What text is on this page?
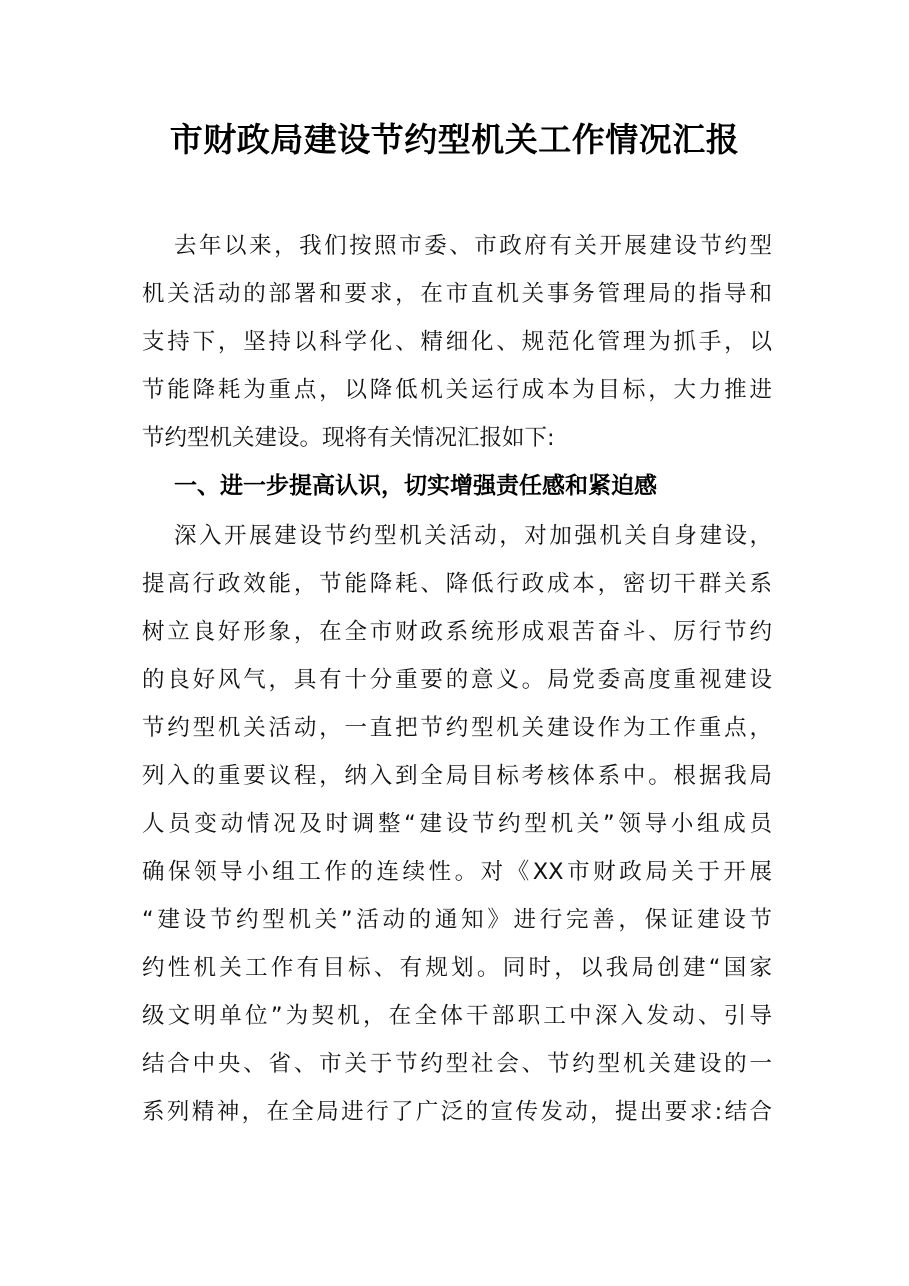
市财政局建设节约型机关工作情况汇报
去年以来，我们按照市委、市政府有关开展建设节约型
机关活动的部署和要求，在市直机关事务管理局的指导和
支持下，坚持以科学化、精细化、规范化管理为抓手，以
节能降耗为重点，以降低机关运行成本为目标，大力推进
节约型机关建设。现将有关情况汇报如下:
一、进一步提高认识，切实增强责任感和紧迫感
深入开展建设节约型机关活动，对加强机关自身建设，
提高行政效能，节能降耗、降低行政成本，密切干群关系
树立良好形象，在全市财政系统形成艰苦奋斗、厉行节约
的良好风气，具有十分重要的意义。局党委高度重视建设
节约型机关活动，一直把节约型机关建设作为工作重点，
列入的重要议程，纳入到全局目标考核体系中。根据我局
人员变动情况及时调整“建设节约型机关”领导小组成员
确保领导小组工作的连续性。对《XX市财政局关于开展
“建设节约型机关”活动的通知》进行完善，保证建设节
约性机关工作有目标、有规划。同时，以我局创建“国家
级文明单位”为契机，在全体干部职工中深入发动、引导
结合中央、省、市关于节约型社会、节约型机关建设的一
系列精神，在全局进行了广泛的宣传发动，提出要求:结合
